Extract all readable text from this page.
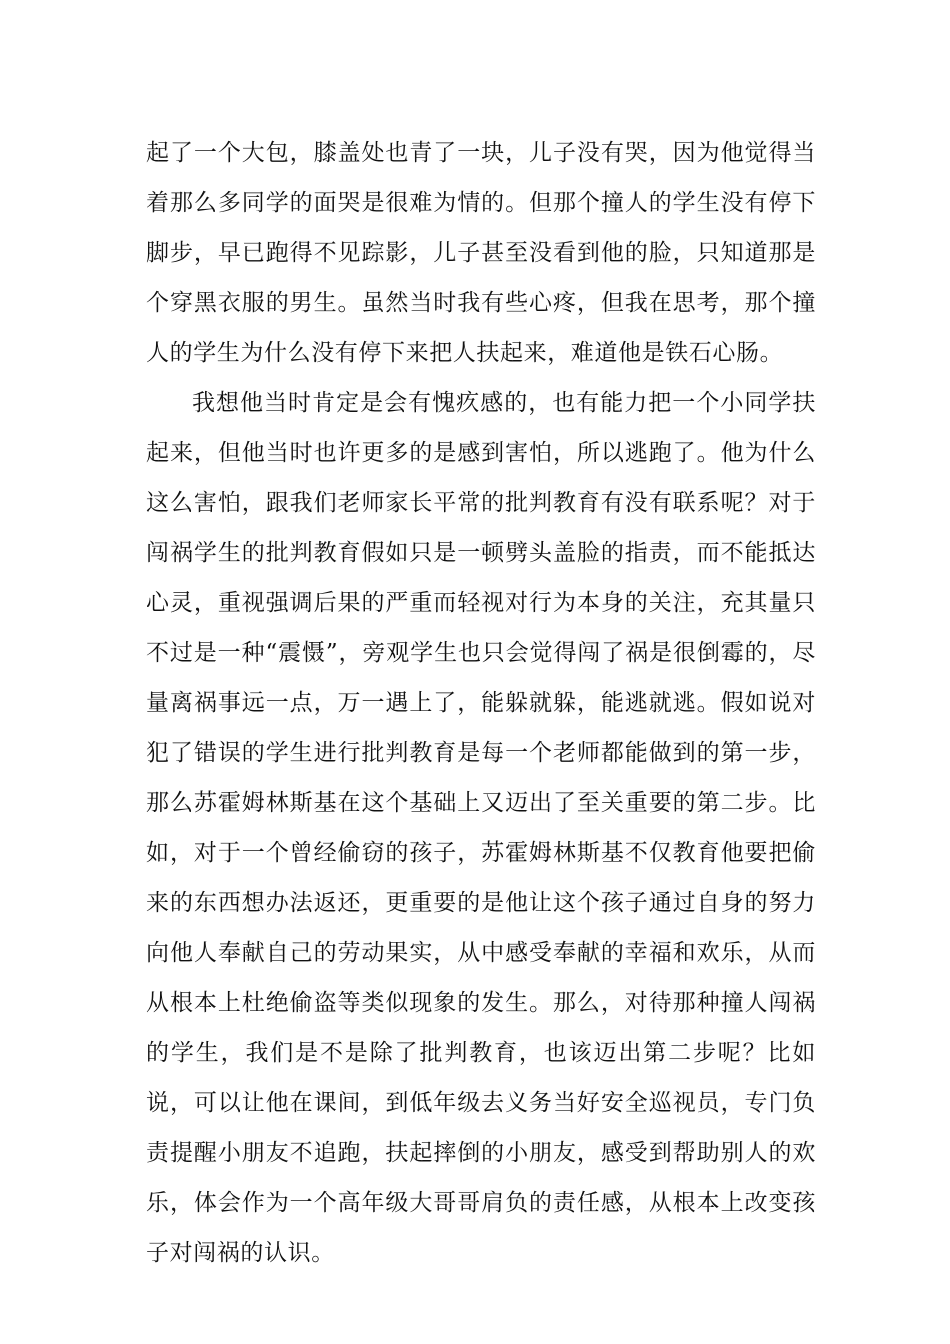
起了一个大包，膝盖处也青了一块，儿子没有哭，因为他觉得当着那么多同学的面哭是很难为情的。但那个撞人的学生没有停下脚步，早已跑得不见踪影，儿子甚至没看到他的脸，只知道那是个穿黑衣服的男生。虽然当时我有些心疼，但我在思考，那个撞人的学生为什么没有停下来把人扶起来，难道他是铁石心肠。

我想他当时肯定是会有愧疚感的，也有能力把一个小同学扶起来，但他当时也许更多的是感到害怕，所以逃跑了。他为什么这么害怕，跟我们老师家长平常的批判教育有没有联系呢？对于闯祸学生的批判教育假如只是一顿劈头盖脸的指责，而不能抵达心灵，重视强调后果的严重而轻视对行为本身的关注，充其量只不过是一种“震慑”，旁观学生也只会觉得闯了祸是很倒霉的，尽量离祸事远一点，万一遇上了，能躲就躲，能逃就逃。假如说对犯了错误的学生进行批判教育是每一个老师都能做到的第一步，那么苏霍姆林斯基在这个基础上又迈出了至关重要的第二步。比如，对于一个曾经偷窃的孩子，苏霍姆林斯基不仅教育他要把偷来的东西想办法返还，更重要的是他让这个孩子通过自身的努力向他人奉献自己的劳动果实，从中感受奉献的幸福和欢乐，从而从根本上杜绝偷盗等类似现象的发生。那么，对待那种撞人闯祸的学生，我们是不是除了批判教育，也该迈出第二步呢？比如说，可以让他在课间，到低年级去义务当好安全巡视员，专门负责提醒小朋友不追跑，扶起摔倒的小朋友，感受到帮助别人的欢乐，体会作为一个高年级大哥哥肩负的责任感，从根本上改变孩子对闯祸的认识。
